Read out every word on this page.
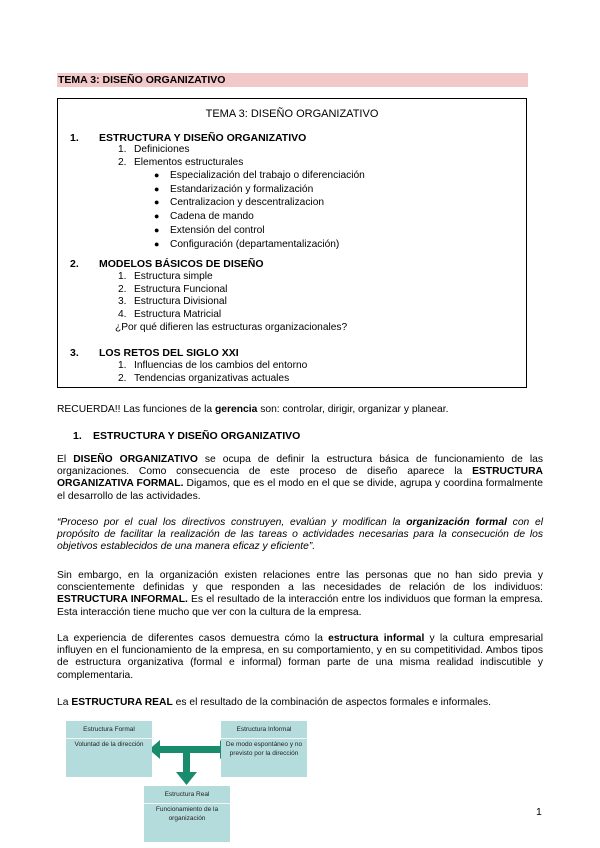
TEMA 3: DISEÑO ORGANIZATIVO
TEMA 3: DISEÑO ORGANIZATIVO
1. ESTRUCTURA Y DISEÑO ORGANIZATIVO
1. Definiciones
2. Elementos estructurales
● Especialización del trabajo o diferenciación
● Estandarización y formalización
● Centralizacion y descentralizacion
● Cadena de mando
● Extensión del control
● Configuración (departamentalización)
2. MODELOS BÁSICOS DE DISEÑO
1. Estructura simple
2. Estructura Funcional
3. Estructura Divisional
4. Estructura Matricial
¿Por qué difieren las estructuras organizacionales?
3. LOS RETOS DEL SIGLO XXI
1. Influencias de los cambios del entorno
2. Tendencias organizativas actuales
RECUERDA!! Las funciones de la gerencia son: controlar, dirigir, organizar y planear.
1. ESTRUCTURA Y DISEÑO ORGANIZATIVO
El DISEÑO ORGANIZATIVO se ocupa de definir la estructura básica de funcionamiento de las organizaciones. Como consecuencia de este proceso de diseño aparece la ESTRUCTURA ORGANIZATIVA FORMAL. Digamos, que es el modo en el que se divide, agrupa y coordina formalmente el desarrollo de las actividades.
“Proceso por el cual los directivos construyen, evalúan y modifican la organización formal con el propósito de facilitar la realización de las tareas o actividades necesarias para la consecución de los objetivos establecidos de una manera eficaz y eficiente”.
Sin embargo, en la organización existen relaciones entre las personas que no han sido previa y conscientemente definidas y que responden a las necesidades de relación de los individuos: ESTRUCTURA INFORMAL. Es el resultado de la interacción entre los individuos que forman la empresa. Esta interacción tiene mucho que ver con la cultura de la empresa.
La experiencia de diferentes casos demuestra cómo la estructura informal y la cultura empresarial influyen en el funcionamiento de la empresa, en su comportamiento, y en su competitividad. Ambos tipos de estructura organizativa (formal e informal) forman parte de una misma realidad indiscutible y complementaria.
La ESTRUCTURA REAL es el resultado de la combinación de aspectos formales e informales.
Estructura Formal
Voluntad de la dirección
Estructura Informal
De modo espontáneo y no previsto por la dirección
Estructura Real
Funcionamiento de la organización	1
